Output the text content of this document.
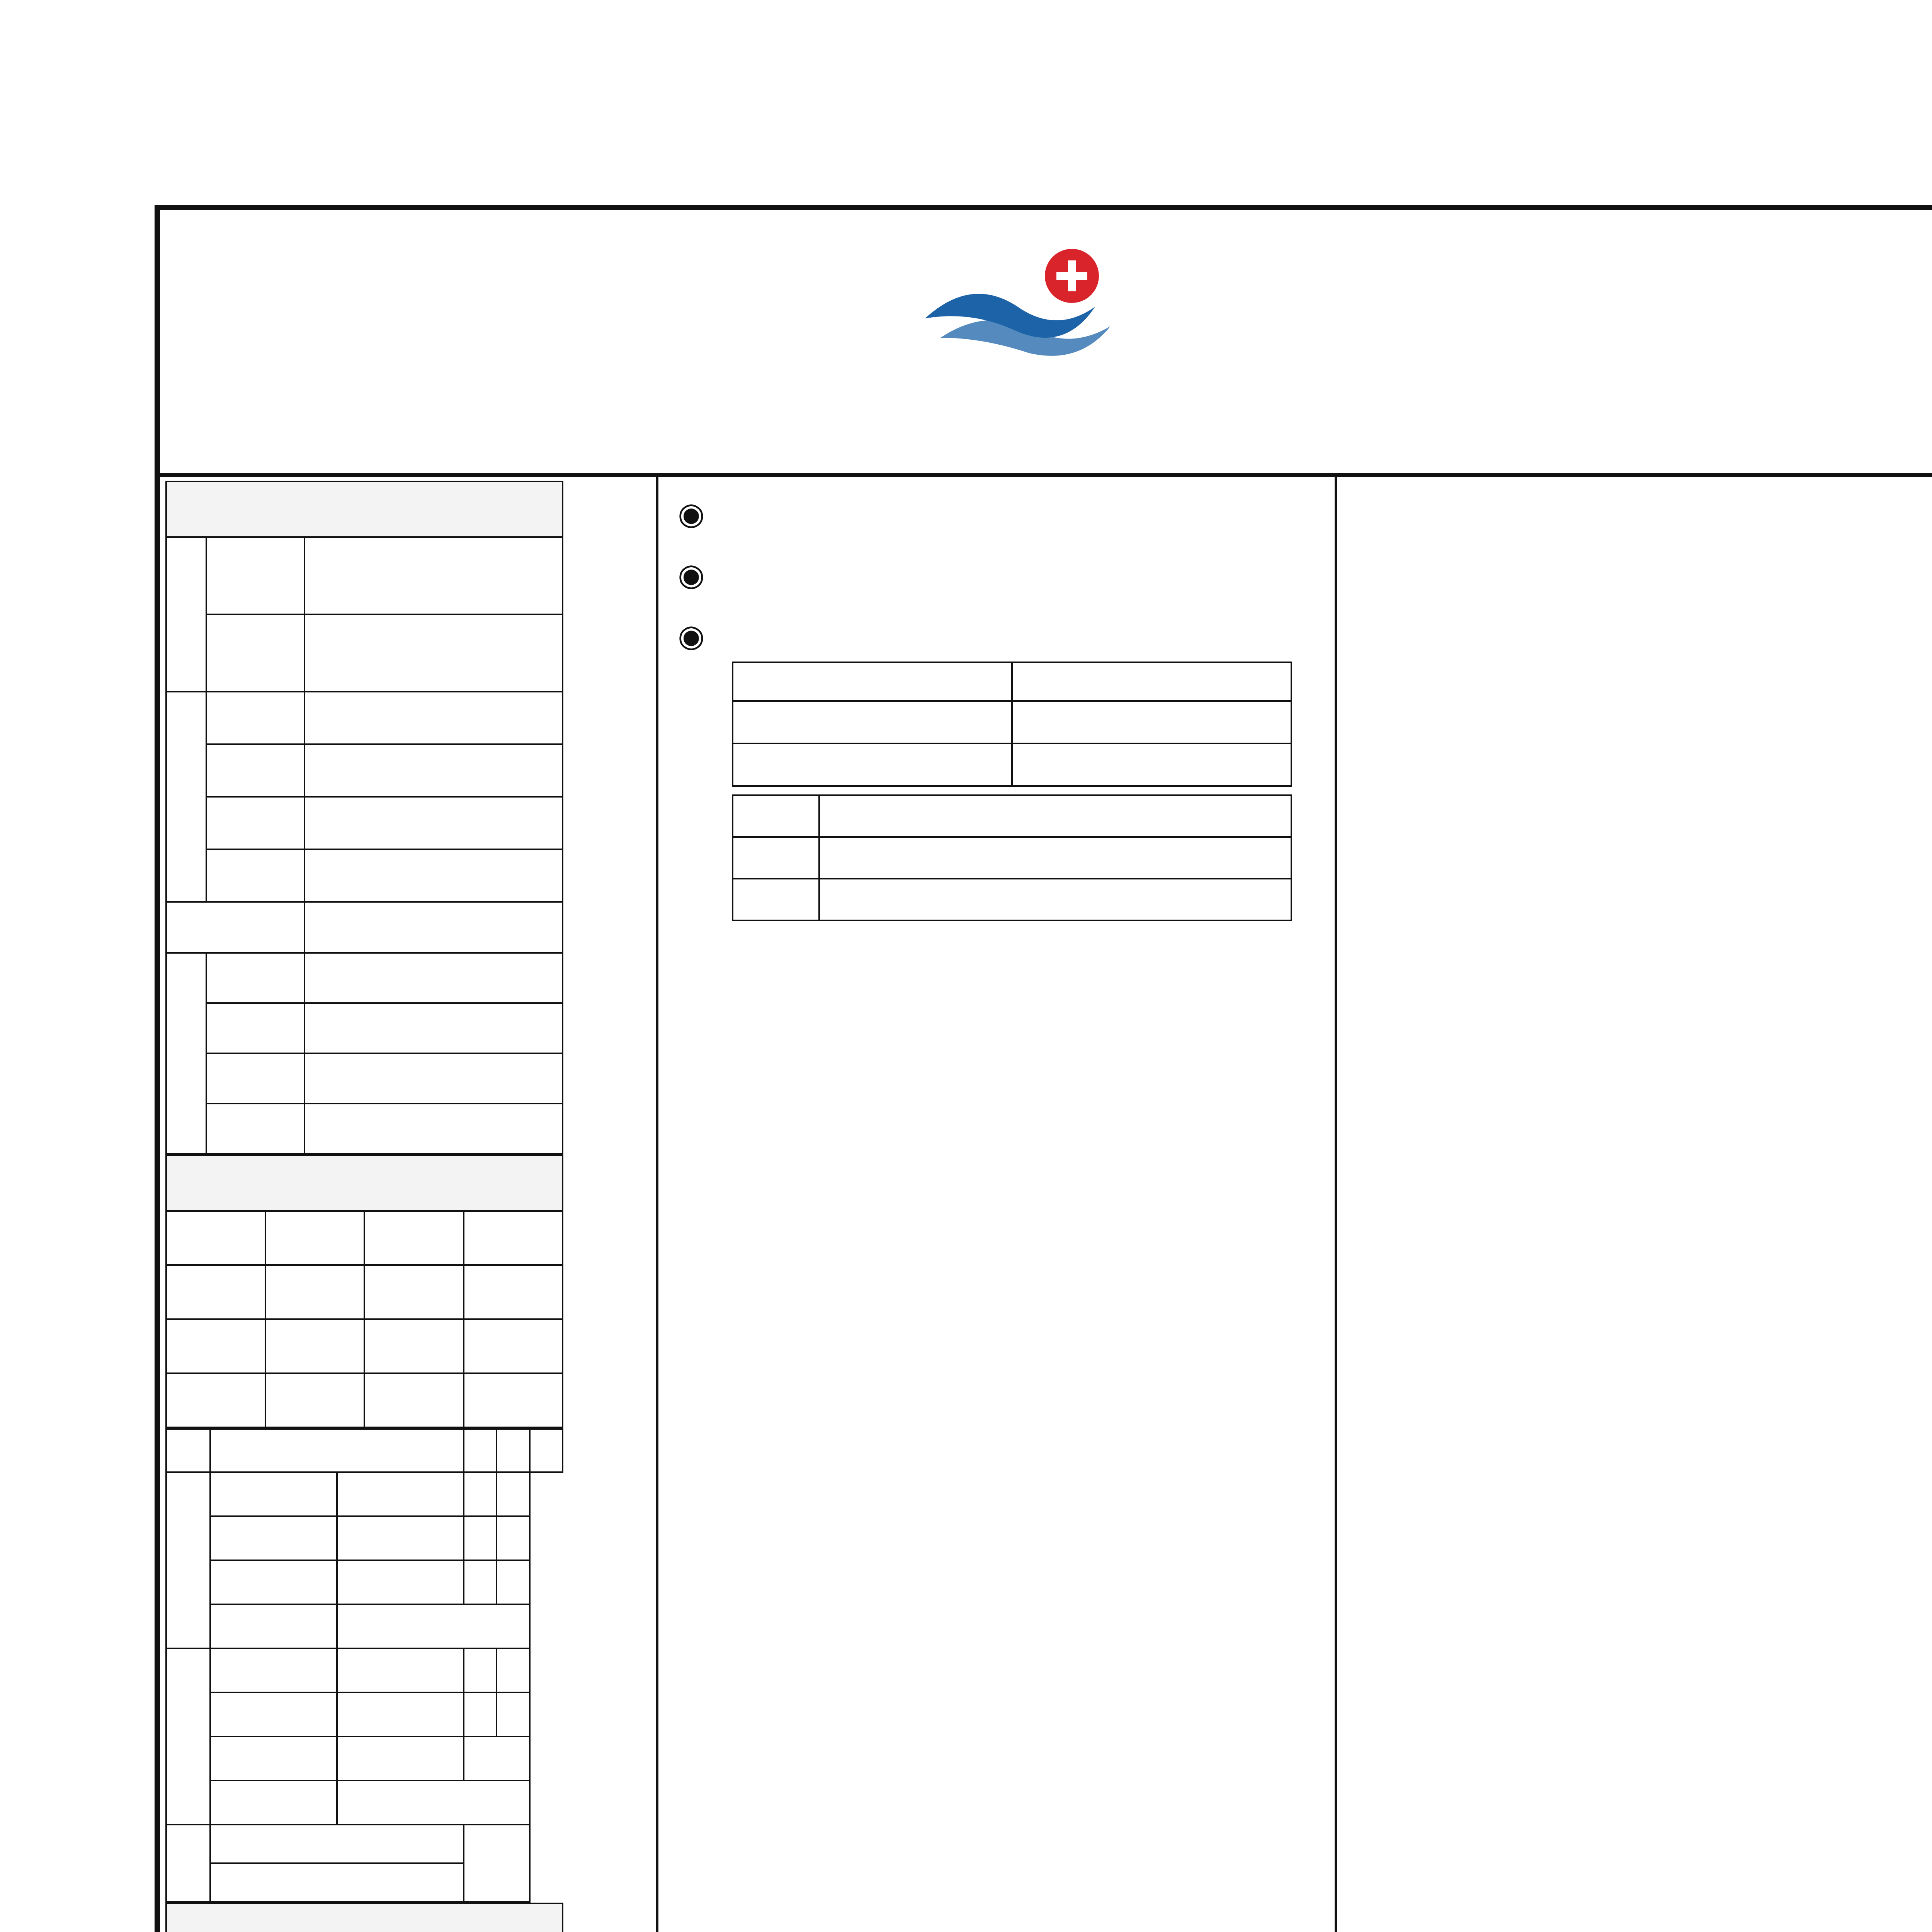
◉

◉

◉
